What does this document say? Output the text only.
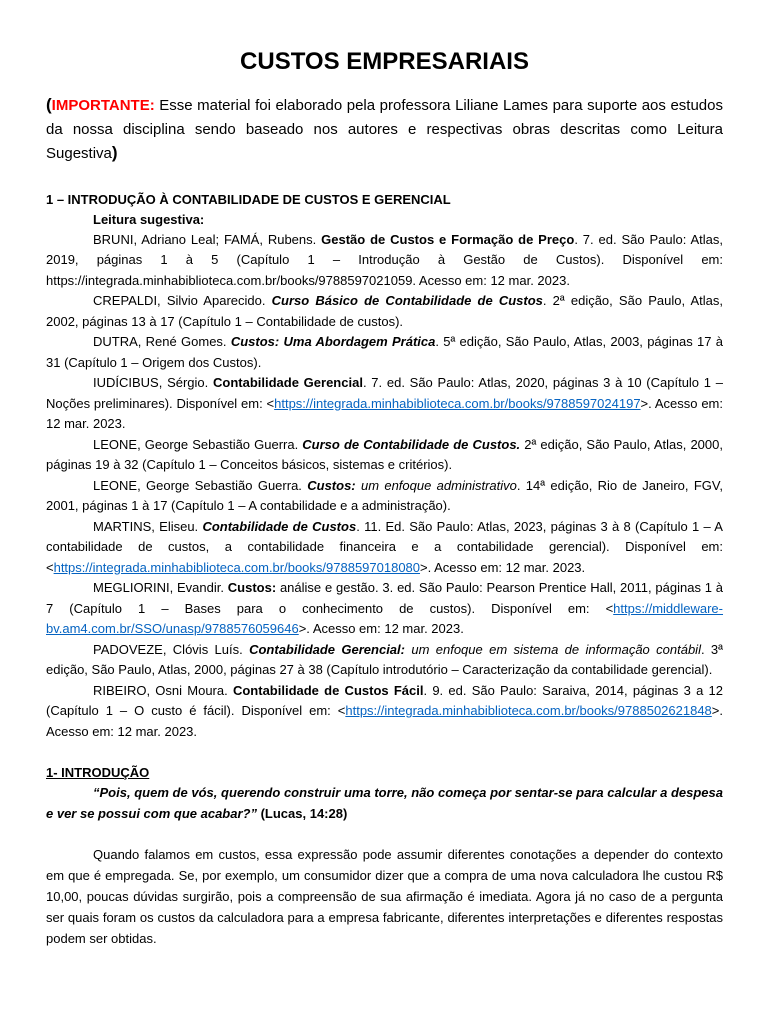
CUSTOS EMPRESARIAIS

(IMPORTANTE: Esse material foi elaborado pela professora Liliane Lames para suporte aos estudos da nossa disciplina sendo baseado nos autores e respectivas obras descritas como Leitura Sugestiva)

1 – INTRODUÇÃO À CONTABILIDADE DE CUSTOS E GERENCIAL

Leitura sugestiva:

BRUNI, Adriano Leal; FAMÁ, Rubens. Gestão de Custos e Formação de Preço. 7. ed. São Paulo: Atlas, 2019, páginas 1 à 5 (Capítulo 1 – Introdução à Gestão de Custos). Disponível em: https://integrada.minhabiblioteca.com.br/books/9788597021059. Acesso em: 12 mar. 2023.

CREPALDI, Silvio Aparecido. Curso Básico de Contabilidade de Custos. 2ª edição, São Paulo, Atlas, 2002, páginas 13 à 17 (Capítulo 1 – Contabilidade de custos).

DUTRA, René Gomes. Custos: Uma Abordagem Prática. 5ª edição, São Paulo, Atlas, 2003, páginas 17 à 31 (Capítulo 1 – Origem dos Custos).

IUDÍCIBUS, Sérgio. Contabilidade Gerencial. 7. ed. São Paulo: Atlas, 2020, páginas 3 à 10 (Capítulo 1 – Noções preliminares). Disponível em: <https://integrada.minhabiblioteca.com.br/books/9788597024197>. Acesso em: 12 mar. 2023.

LEONE, George Sebastião Guerra. Curso de Contabilidade de Custos. 2ª edição, São Paulo, Atlas, 2000, páginas 19 à 32 (Capítulo 1 – Conceitos básicos, sistemas e critérios).

LEONE, George Sebastião Guerra. Custos: um enfoque administrativo. 14ª edição, Rio de Janeiro, FGV, 2001, páginas 1 à 17 (Capítulo 1 – A contabilidade e a administração).

MARTINS, Eliseu. Contabilidade de Custos. 11. Ed. São Paulo: Atlas, 2023, páginas 3 à 8 (Capítulo 1 – A contabilidade de custos, a contabilidade financeira e a contabilidade gerencial). Disponível em: <https://integrada.minhabiblioteca.com.br/books/9788597018080>. Acesso em: 12 mar. 2023.

MEGLIORINI, Evandir. Custos: análise e gestão. 3. ed. São Paulo: Pearson Prentice Hall, 2011, páginas 1 à 7 (Capítulo 1 – Bases para o conhecimento de custos). Disponível em: <https://middleware-bv.am4.com.br/SSO/unasp/9788576059646>. Acesso em: 12 mar. 2023.

PADOVEZE, Clóvis Luís. Contabilidade Gerencial: um enfoque em sistema de informação contábil. 3ª edição, São Paulo, Atlas, 2000, páginas 27 à 38 (Capítulo introdutório – Caracterização da contabilidade gerencial).

RIBEIRO, Osni Moura. Contabilidade de Custos Fácil. 9. ed. São Paulo: Saraiva, 2014, páginas 3 a 12 (Capítulo 1 – O custo é fácil). Disponível em: <https://integrada.minhabiblioteca.com.br/books/9788502621848>. Acesso em: 12 mar. 2023.

1- INTRODUÇÃO

“Pois, quem de vós, querendo construir uma torre, não começa por sentar-se para calcular a despesa e ver se possui com que acabar?” (Lucas, 14:28)

Quando falamos em custos, essa expressão pode assumir diferentes conotações a depender do contexto em que é empregada. Se, por exemplo, um consumidor dizer que a compra de uma nova calculadora lhe custou R$ 10,00, poucas dúvidas surgirão, pois a compreensão de sua afirmação é imediata. Agora já no caso de a pergunta ser quais foram os custos da calculadora para a empresa fabricante, diferentes interpretações e diferentes respostas podem ser obtidas.
